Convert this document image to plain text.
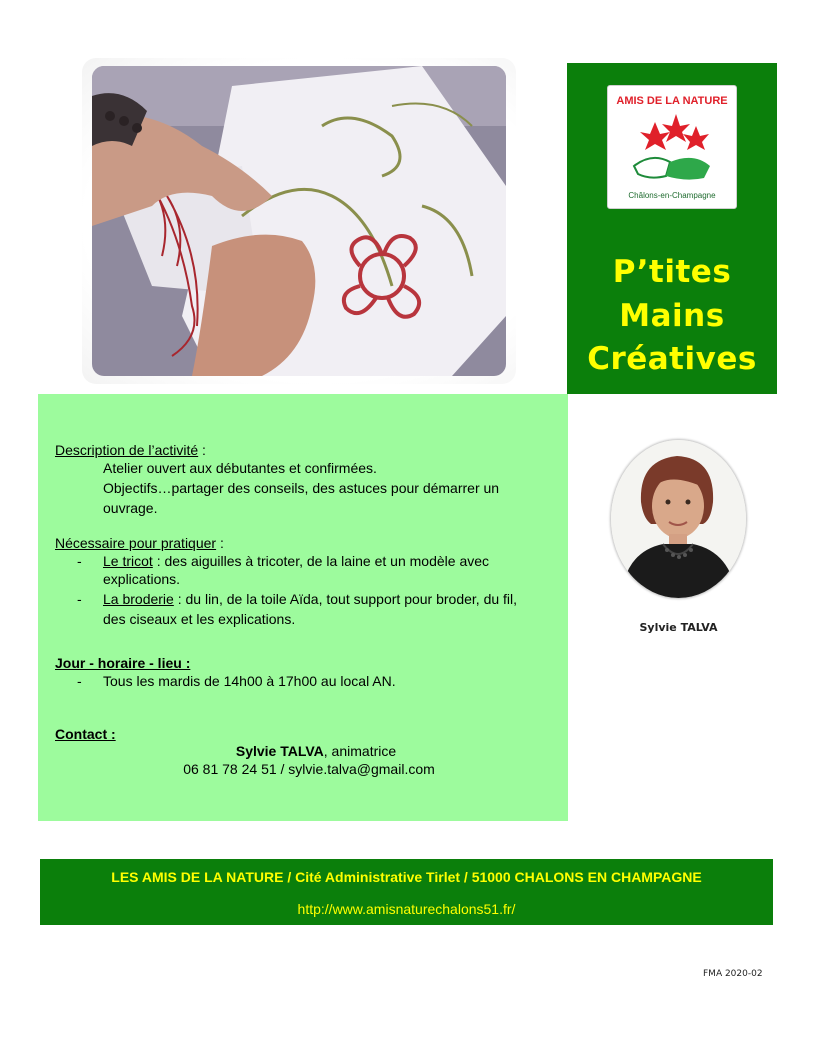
AMIS DE LA NATURE
Châlons-en-Champagne
P’tites
Mains
Créatives
Description de l’activité :
Atelier ouvert aux débutantes et confirmées.
Objectifs…partager des conseils, des astuces pour démarrer un
ouvrage.
Nécessaire pour pratiquer :
- Le tricot : des aiguilles à tricoter, de la laine et un modèle avec
explications.
- La broderie : du lin, de la toile Aïda, tout support pour broder, du fil,
des ciseaux et les explications.
Jour - horaire - lieu :
- Tous les mardis de 14h00 à 17h00 au local AN.
Contact :
Sylvie TALVA, animatrice
06 81 78 24 51 / sylvie.talva@gmail.com
Sylvie TALVA
LES AMIS DE LA NATURE / Cité Administrative Tirlet / 51000 CHALONS EN CHAMPAGNE
http://www.amisnaturechalons51.fr/
FMA 2020-02
